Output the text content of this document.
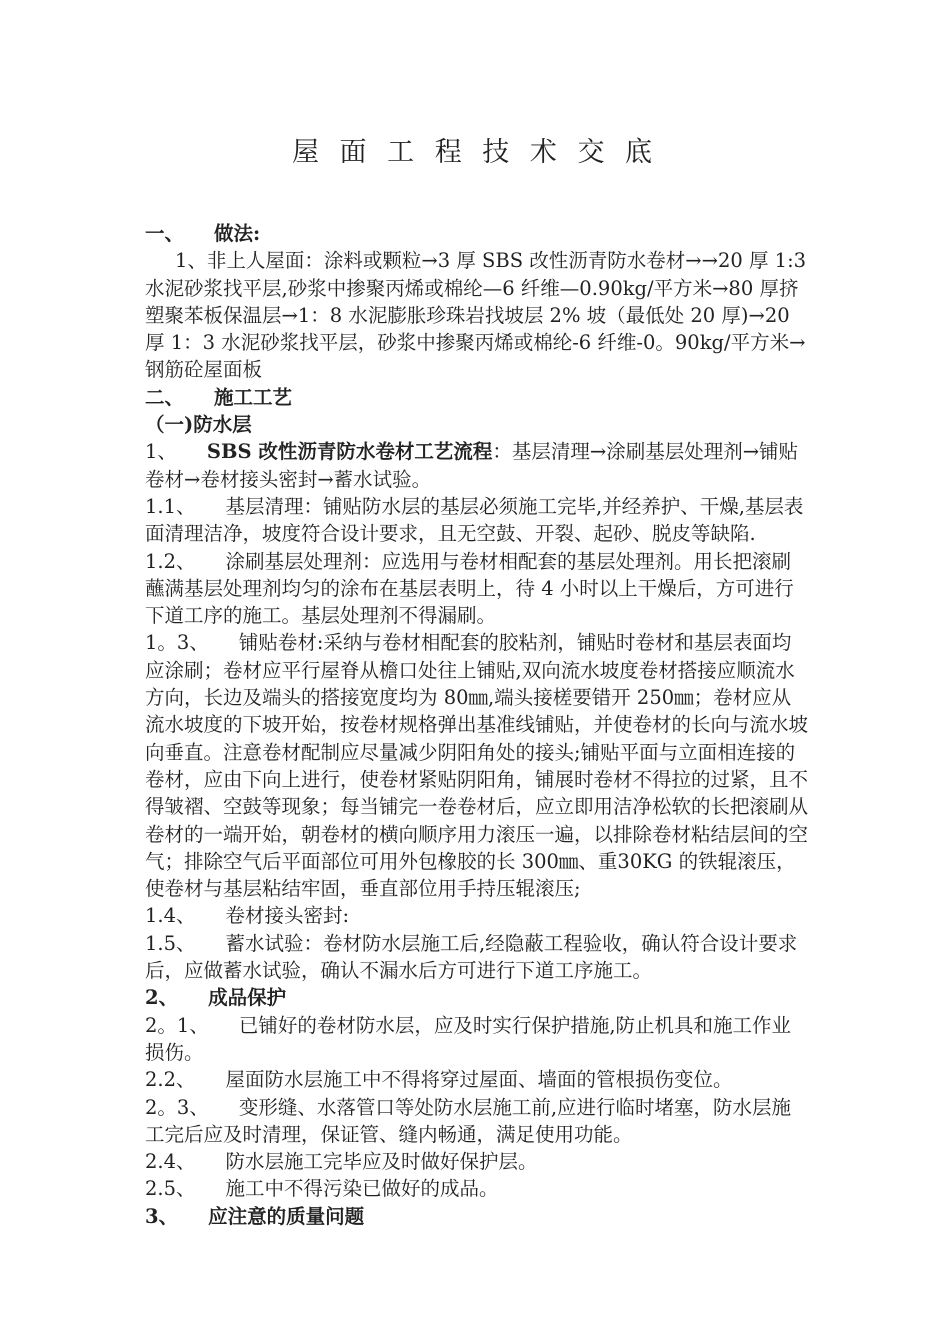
屋 面 工 程 技 术 交 底

一、 做法:

1、非上人屋面：涂料或颗粒→3 厚 SBS 改性沥青防水卷材→→20 厚 1:3 水泥砂浆找平层,砂浆中掺聚丙烯或棉纶—6 纤维—0.90kg/平方米→80 厚挤塑聚苯板保温层→1：8 水泥膨胀珍珠岩找坡层 2% 坡（最低处 20 厚)→20 厚 1：3 水泥砂浆找平层，砂浆中掺聚丙烯或棉纶-6 纤维-0。90kg/平方米→钢筋砼屋面板

二、 施工工艺

（一)防水层

1、 SBS 改性沥青防水卷材工艺流程：基层清理→涂刷基层处理剂→铺贴卷材→卷材接头密封→蓄水试验。

1.1、 基层清理：铺贴防水层的基层必须施工完毕,并经养护、干燥,基层表面清理洁净，坡度符合设计要求，且无空鼓、开裂、起砂、脱皮等缺陷.

1.2、 涂刷基层处理剂：应选用与卷材相配套的基层处理剂。用长把滚刷蘸满基层处理剂均匀的涂布在基层表明上，待 4 小时以上干燥后，方可进行下道工序的施工。基层处理剂不得漏刷。

1。3、 铺贴卷材:采纳与卷材相配套的胶粘剂，铺贴时卷材和基层表面均应涂刷；卷材应平行屋脊从檐口处往上铺贴,双向流水坡度卷材搭接应顺流水方向，长边及端头的搭接宽度均为 80㎜,端头接槎要错开 250㎜；卷材应从流水坡度的下坡开始，按卷材规格弹出基准线铺贴，并使卷材的长向与流水坡向垂直。注意卷材配制应尽量减少阴阳角处的接头;铺贴平面与立面相连接的卷材，应由下向上进行，使卷材紧贴阴阳角，铺展时卷材不得拉的过紧，且不得皱褶、空鼓等现象；每当铺完一卷卷材后，应立即用洁净松软的长把滚刷从卷材的一端开始，朝卷材的横向顺序用力滚压一遍，以排除卷材粘结层间的空气；排除空气后平面部位可用外包橡胶的长 300㎜、重30KG 的铁辊滚压，使卷材与基层粘结牢固，垂直部位用手持压辊滚压;

1.4、 卷材接头密封:

1.5、 蓄水试验：卷材防水层施工后,经隐蔽工程验收，确认符合设计要求后，应做蓄水试验，确认不漏水后方可进行下道工序施工。

2、 成品保护

2。1、 已铺好的卷材防水层，应及时实行保护措施,防止机具和施工作业损伤。

2.2、 屋面防水层施工中不得将穿过屋面、墙面的管根损伤变位。

2。3、 变形缝、水落管口等处防水层施工前,应进行临时堵塞，防水层施工完后应及时清理，保证管、缝内畅通，满足使用功能。

2.4、 防水层施工完毕应及时做好保护层。

2.5、 施工中不得污染已做好的成品。

3、 应注意的质量问题
